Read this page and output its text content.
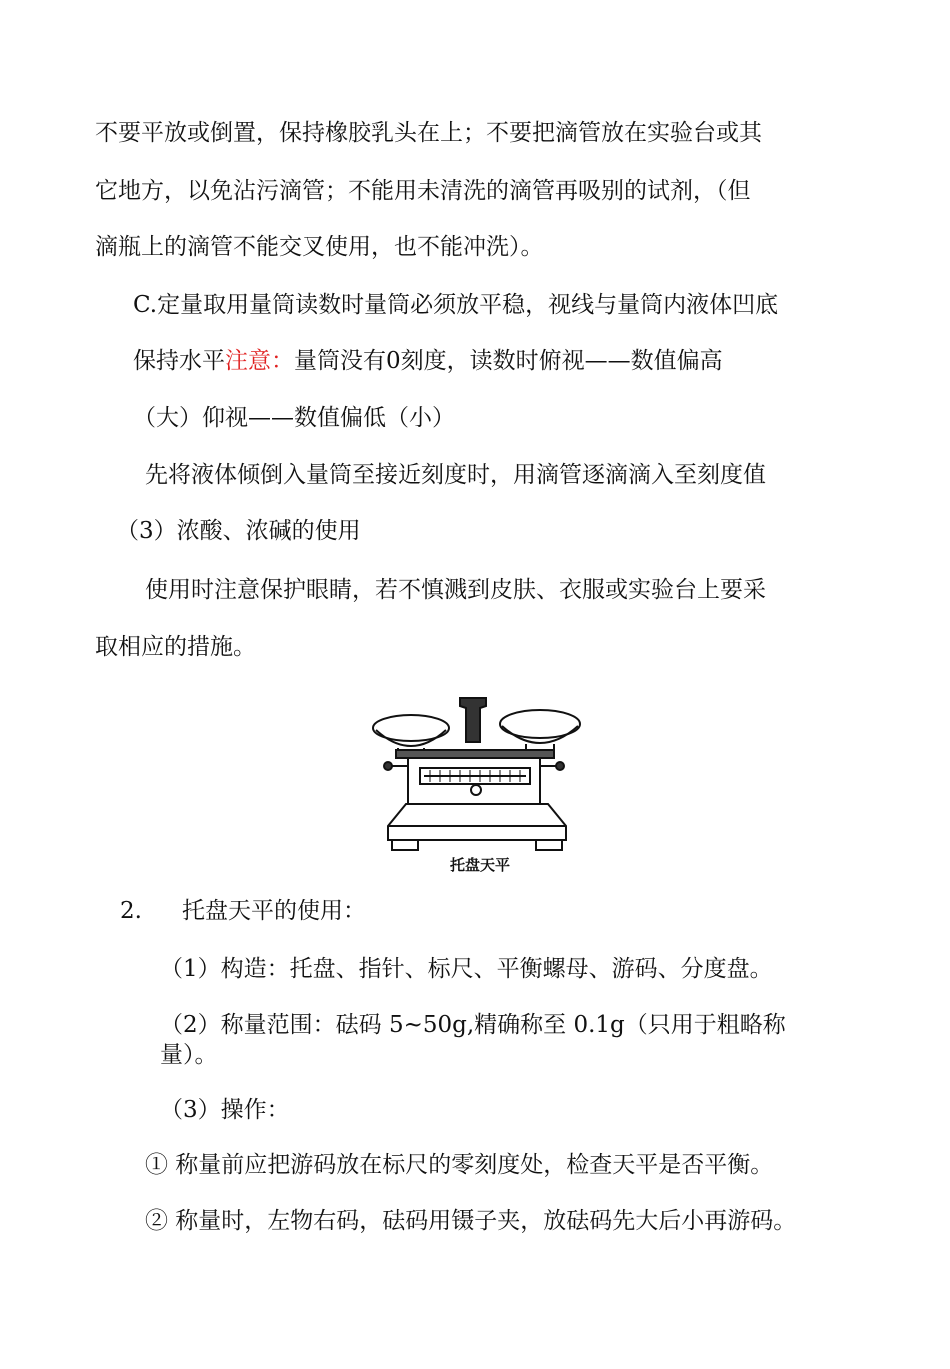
不要平放或倒置，保持橡胶乳头在上；不要把滴管放在实验台或其
它地方，以免沾污滴管；不能用未清洗的滴管再吸别的试剂，（但
滴瓶上的滴管不能交叉使用，也不能冲洗）。
C.定量取用量筒读数时量筒必须放平稳，视线与量筒内液体凹底
保持水平注意：量筒没有0刻度，读数时俯视——数值偏高
（大）仰视——数值偏低（小）
先将液体倾倒入量筒至接近刻度时，用滴管逐滴滴入至刻度值
（3）浓酸、浓碱的使用
使用时注意保护眼睛，若不慎溅到皮肤、衣服或实验台上要采
取相应的措施。
托盘天平
2. 托盘天平的使用：
（1）构造：托盘、指针、标尺、平衡螺母、游码、分度盘。
（2）称量范围：砝码 5~50g,精确称至 0.1g（只用于粗略称
量）。
（3）操作：
① 称量前应把游码放在标尺的零刻度处，检查天平是否平衡。
② 称量时，左物右码，砝码用镊子夹，放砝码先大后小再游码。
